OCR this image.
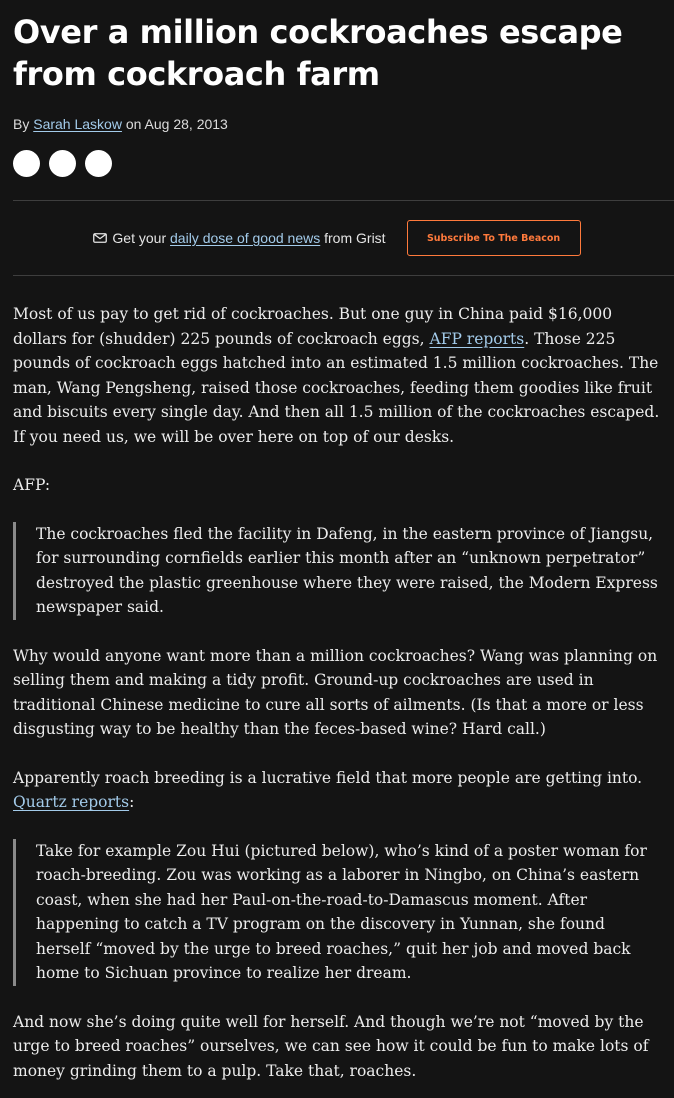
Over a million cockroaches escape from cockroach farm
By Sarah Laskow on Aug 28, 2013
Get your
daily dose of good news
from Grist	Subscribe To The Beacon

Most of us pay to get rid of cockroaches. But one guy in China paid $16,000 dollars for (shudder) 225 pounds of cockroach eggs, AFP reports. Those 225 pounds of cockroach eggs hatched into an estimated 1.5 million cockroaches. The man, Wang Pengsheng, raised those cockroaches, feeding them goodies like fruit and biscuits every single day. And then all 1.5 million of the cockroaches escaped. If you need us, we will be over here on top of our desks.

AFP:

The cockroaches fled the facility in Dafeng, in the eastern province of Jiangsu, for surrounding cornfields earlier this month after an “unknown perpetrator” destroyed the plastic greenhouse where they were raised, the Modern Express newspaper said.

Why would anyone want more than a million cockroaches? Wang was planning on selling them and making a tidy profit. Ground-up cockroaches are used in traditional Chinese medicine to cure all sorts of ailments. (Is that a more or less disgusting way to be healthy than the feces-based wine? Hard call.)

Apparently roach breeding is a lucrative field that more people are getting into. Quartz reports:

Take for example Zou Hui (pictured below), who’s kind of a poster woman for roach-breeding. Zou was working as a laborer in Ningbo, on China’s eastern coast, when she had her Paul-on-the-road-to-Damascus moment. After happening to catch a TV program on the discovery in Yunnan, she found herself “moved by the urge to breed roaches,” quit her job and moved back home to Sichuan province to realize her dream.

And now she’s doing quite well for herself. And though we’re not “moved by the urge to breed roaches” ourselves, we can see how it could be fun to make lots of money grinding them to a pulp. Take that, roaches.
